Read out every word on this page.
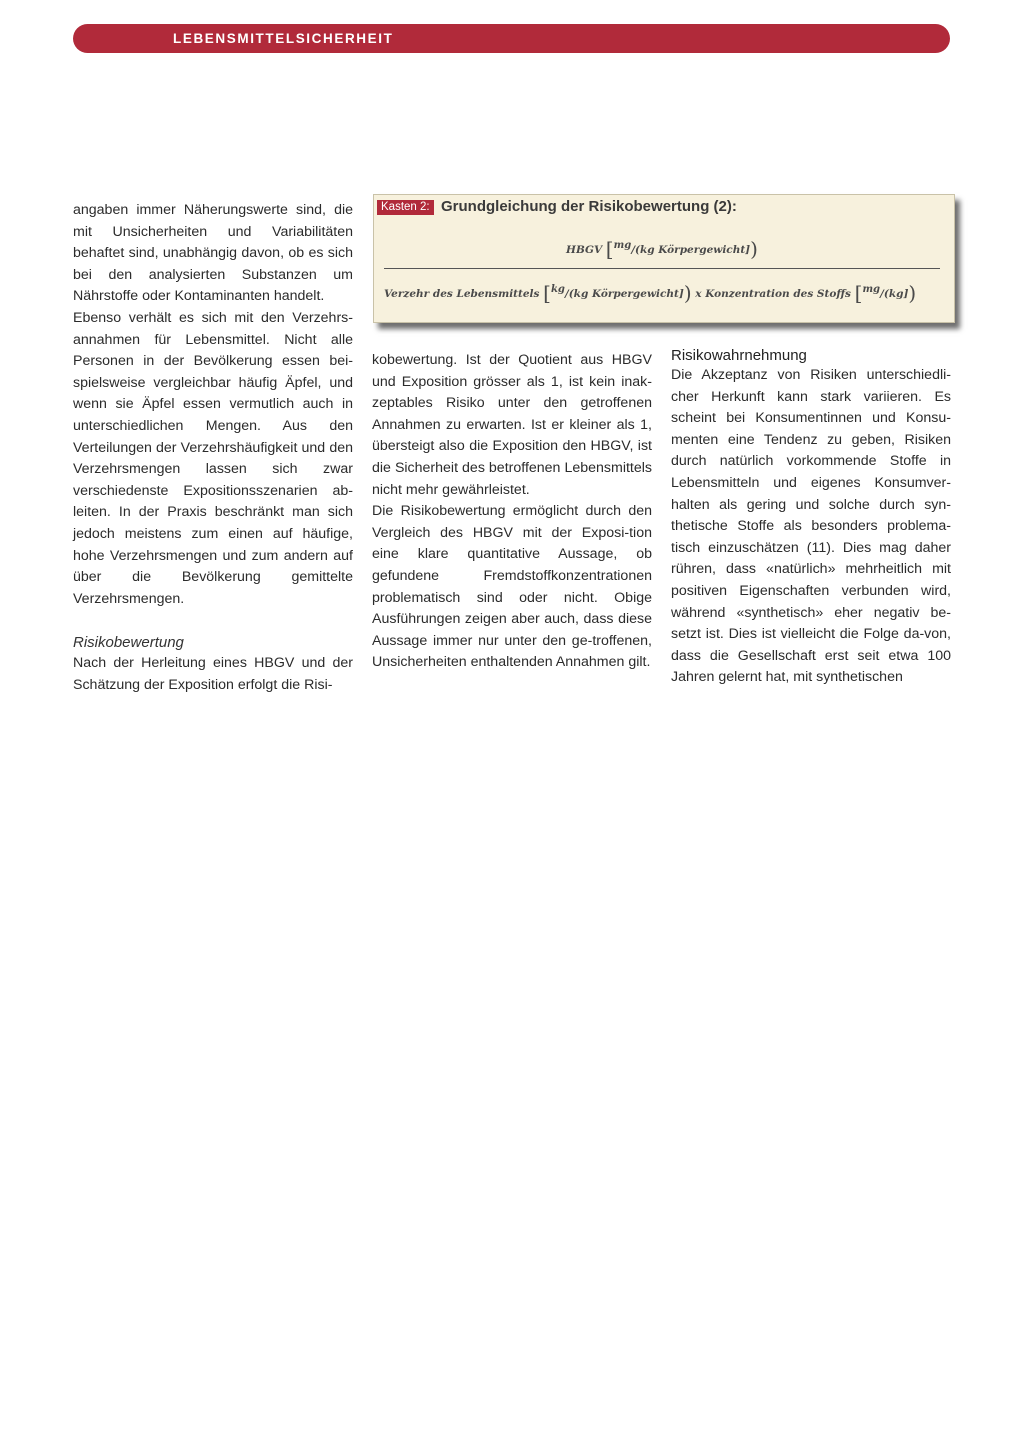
LEBENSMITTELSICHERHEIT

angaben immer Näherungswerte sind, die mit Unsicherheiten und Variabilitäten behaftet sind, unabhängig davon, ob es sich bei den analysierten Substanzen um Nährstoffe oder Kontaminanten handelt.

Ebenso verhält es sich mit den Verzehrs-annahmen für Lebensmittel. Nicht alle Personen in der Bevölkerung essen bei-spielsweise vergleichbar häufig Äpfel, und wenn sie Äpfel essen vermutlich auch in unterschiedlichen Mengen. Aus den Verteilungen der Verzehrshäufigkeit und den Verzehrsmengen lassen sich zwar verschiedenste Expositionsszenarien ab-leiten. In der Praxis beschränkt man sich jedoch meistens zum einen auf häufige, hohe Verzehrsmengen und zum andern auf über die Bevölkerung gemittelte Verzehrsmengen.

Risikobewertung

Nach der Herleitung eines HBGV und der Schätzung der Exposition erfolgt die Risi-

Kasten 2: Grundgleichung der Risikobewertung (2):
HBGV [mg/(kg Körpergewicht])
Verzehr des Lebensmittels [kg/(kg Körpergewicht]) x Konzentration des Stoffs [mg/(kg])

kobewertung. Ist der Quotient aus HBGV und Exposition grösser als 1, ist kein inak-zeptables Risiko unter den getroffenen Annahmen zu erwarten. Ist er kleiner als 1, übersteigt also die Exposition den HBGV, ist die Sicherheit des betroffenen Lebensmittels nicht mehr gewährleistet.

Die Risikobewertung ermöglicht durch den Vergleich des HBGV mit der Exposi-tion eine klare quantitative Aussage, ob gefundene Fremdstoffkonzentrationen problematisch sind oder nicht. Obige Ausführungen zeigen aber auch, dass diese Aussage immer nur unter den ge-troffenen, Unsicherheiten enthaltenden Annahmen gilt.

Risikowahrnehmung

Die Akzeptanz von Risiken unterschiedli-cher Herkunft kann stark variieren. Es scheint bei Konsumentinnen und Konsu-menten eine Tendenz zu geben, Risiken durch natürlich vorkommende Stoffe in Lebensmitteln und eigenes Konsumver-halten als gering und solche durch syn-thetische Stoffe als besonders problema-tisch einzuschätzen (11). Dies mag daher rühren, dass «natürlich» mehrheitlich mit positiven Eigenschaften verbunden wird, während «synthetisch» eher negativ be-setzt ist. Dies ist vielleicht die Folge da-von, dass die Gesellschaft erst seit etwa 100 Jahren gelernt hat, mit synthetischen
